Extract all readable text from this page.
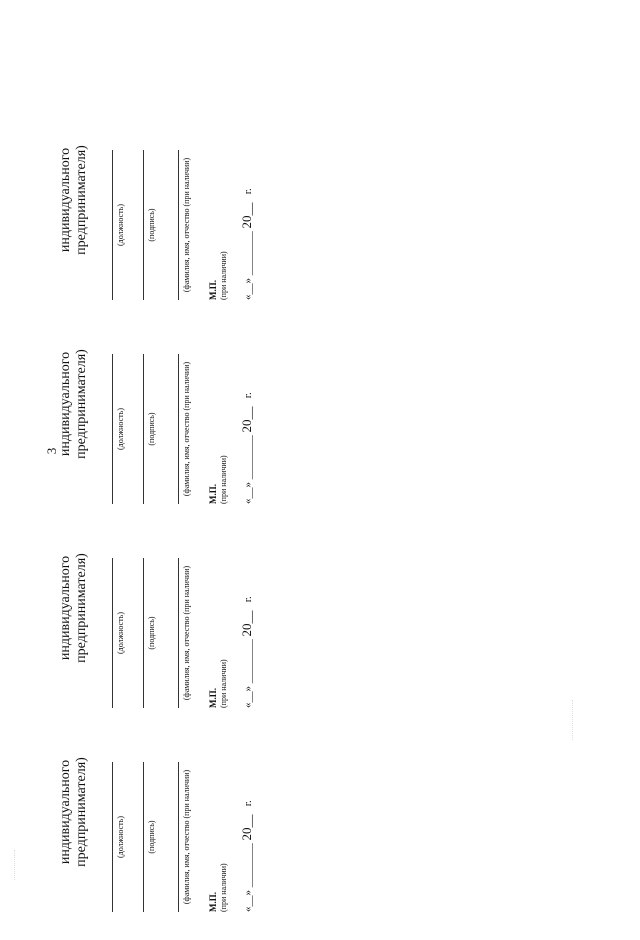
3
индивидуального предпринимателя)	(должность)	(подпись)	(фамилия, имя, отчество (при наличии) М.П. (при наличии) «__» ________ 20__   г.
индивидуального предпринимателя)	(должность)	(подпись)	(фамилия, имя, отчество (при наличии) М.П. (при наличии) «__» ________ 20__   г.
индивидуального предпринимателя)	(должность)	(подпись)	(фамилия, имя, отчество (при наличии) М.П. (при наличии) «__» ________ 20__   г.
индивидуального предпринимателя)	(должность)	(подпись)	(фамилия, имя, отчество (при наличии) М.П. (при наличии) «__» ________ 20__   г.
